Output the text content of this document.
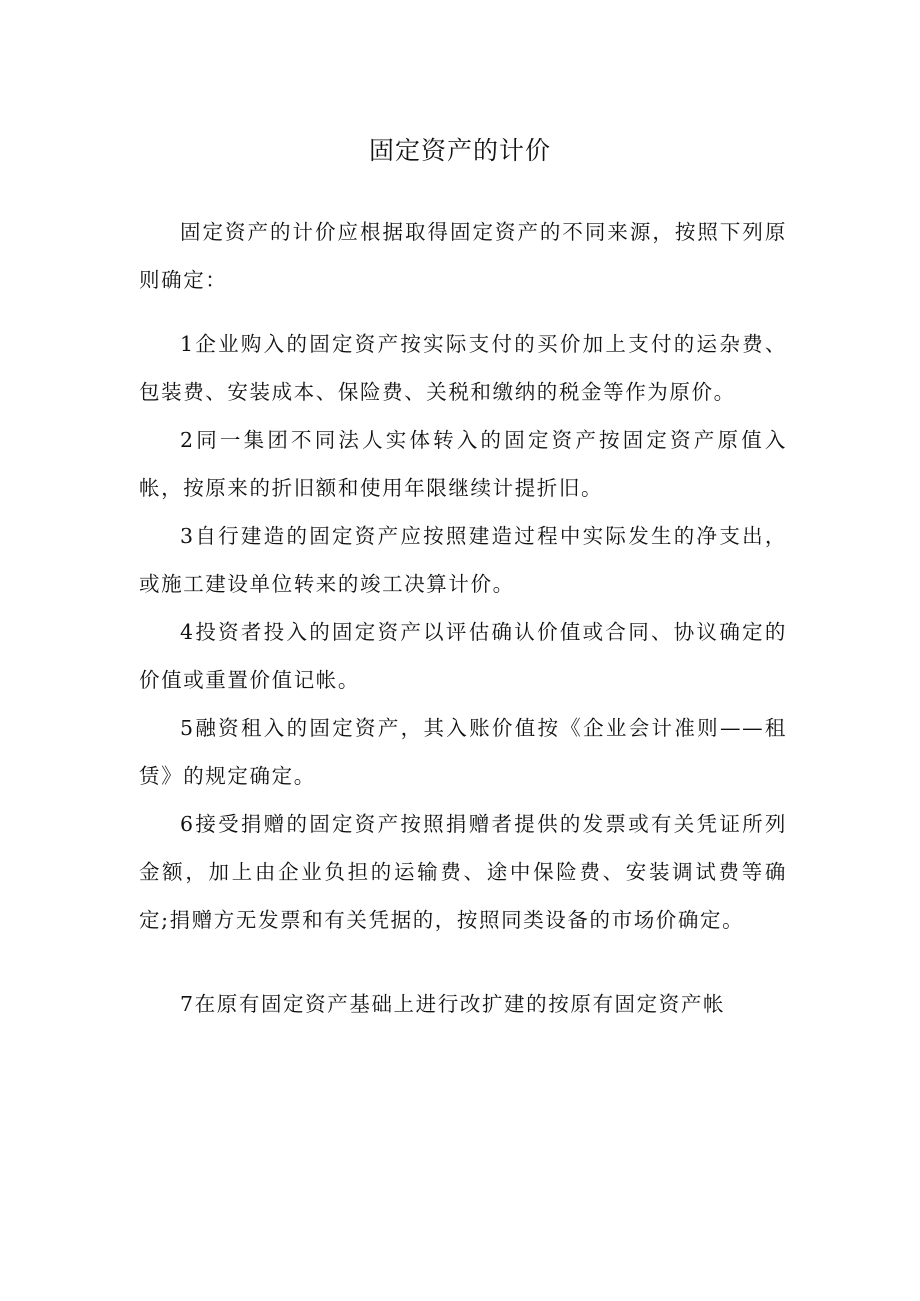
固定资产的计价

固定资产的计价应根据取得固定资产的不同来源，按照下列原则确定：

1企业购入的固定资产按实际支付的买价加上支付的运杂费、包装费、安装成本、保险费、关税和缴纳的税金等作为原价。

2同一集团不同法人实体转入的固定资产按固定资产原值入帐，按原来的折旧额和使用年限继续计提折旧。

3自行建造的固定资产应按照建造过程中实际发生的净支出，或施工建设单位转来的竣工决算计价。

4投资者投入的固定资产以评估确认价值或合同、协议确定的价值或重置价值记帐。

5融资租入的固定资产，其入账价值按《企业会计准则——租赁》的规定确定。

6接受捐赠的固定资产按照捐赠者提供的发票或有关凭证所列金额，加上由企业负担的运输费、途中保险费、安装调试费等确定;捐赠方无发票和有关凭据的，按照同类设备的市场价确定。

7在原有固定资产基础上进行改扩建的按原有固定资产帐
